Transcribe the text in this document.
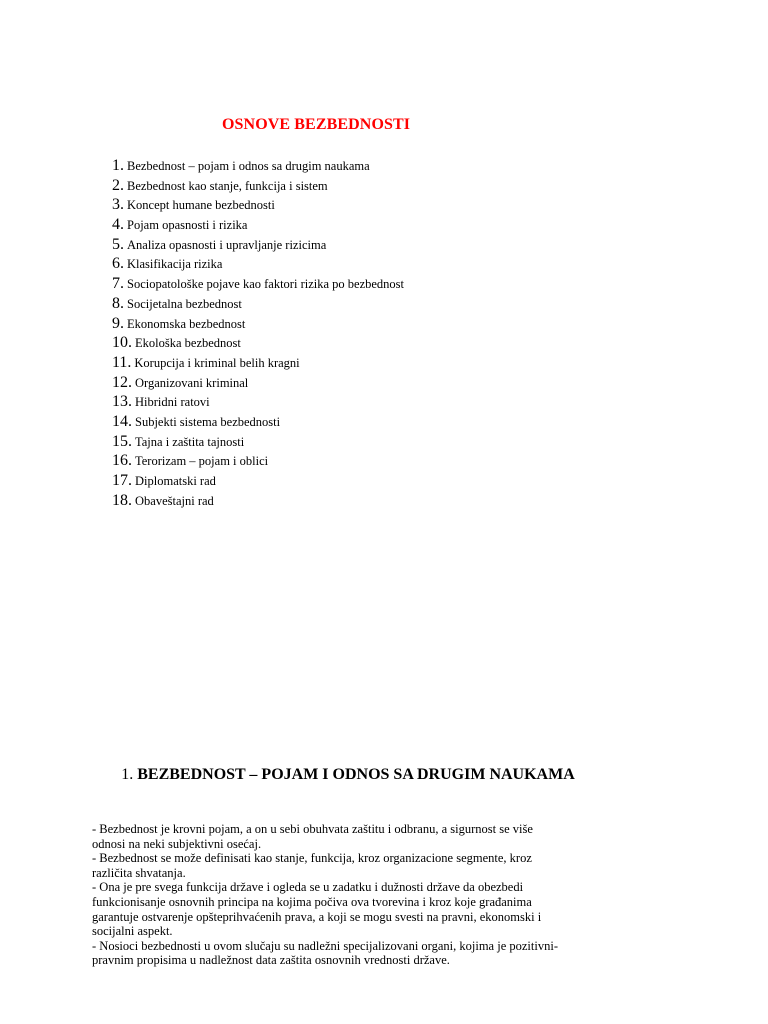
OSNOVE BEZBEDNOSTI
1. Bezbednost – pojam i odnos sa drugim naukama
2. Bezbednost kao stanje, funkcija i sistem
3. Koncept humane bezbednosti
4. Pojam opasnosti i rizika
5. Analiza opasnosti i upravljanje rizicima
6. Klasifikacija rizika
7. Sociopatološke pojave kao faktori rizika po bezbednost
8. Socijetalna bezbednost
9. Ekonomska bezbednost
10. Ekološka bezbednost
11. Korupcija i kriminal belih kragni
12. Organizovani kriminal
13. Hibridni ratovi
14. Subjekti sistema bezbednosti
15. Tajna i zaštita tajnosti
16. Terorizam – pojam i oblici
17. Diplomatski rad
18. Obaveštajni rad
1. BEZBEDNOST – POJAM I ODNOS SA DRUGIM NAUKAMA

- Bezbednost je krovni pojam, a on u sebi obuhvata zaštitu i odbranu, a sigurnost se više odnosi na neki subjektivni osećaj.

- Bezbednost se može definisati kao stanje, funkcija, kroz organizacione segmente, kroz različita shvatanja.

- Ona je pre svega funkcija države i ogleda se u zadatku i dužnosti države da obezbedi funkcionisanje osnovnih principa na kojima počiva ova tvorevina i kroz koje građanima garantuje ostvarenje opšteprihvaćenih prava, a koji se mogu svesti na pravni, ekonomski i socijalni aspekt.

- Nosioci bezbednosti u ovom slučaju su nadležni specijalizovani organi, kojima je pozitivni-pravnim propisima u nadležnost data zaštita osnovnih vrednosti države.
